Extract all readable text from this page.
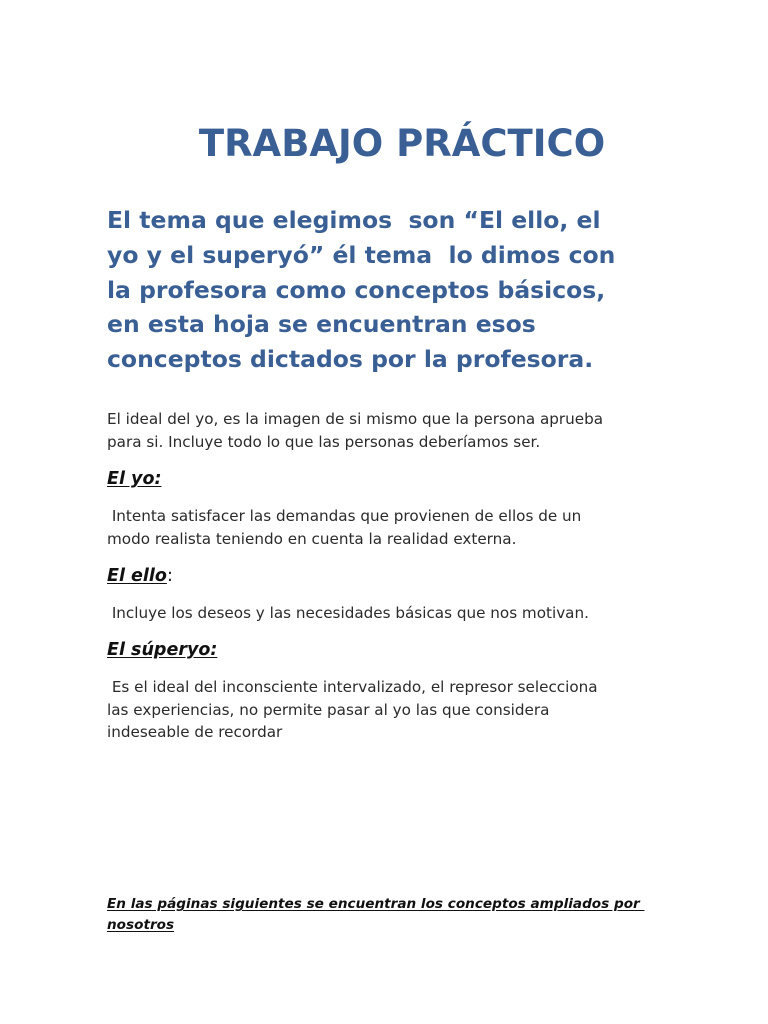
TRABAJO PRÁCTICO

El tema que elegimos  son “El ello, el
yo y el superyó” él tema  lo dimos con
la profesora como conceptos básicos,
en esta hoja se encuentran esos
conceptos dictados por la profesora.

El ideal del yo, es la imagen de si mismo que la persona aprueba
para si. Incluye todo lo que las personas deberíamos ser.

El yo:

Intenta satisfacer las demandas que provienen de ellos de un
modo realista teniendo en cuenta la realidad externa.

El ello:

Incluye los deseos y las necesidades básicas que nos motivan.

El súperyo:

Es el ideal del inconsciente intervalizado, el represor selecciona
las experiencias, no permite pasar al yo las que considera
indeseable de recordar

En las páginas siguientes se encuentran los conceptos ampliados por
nosotros
